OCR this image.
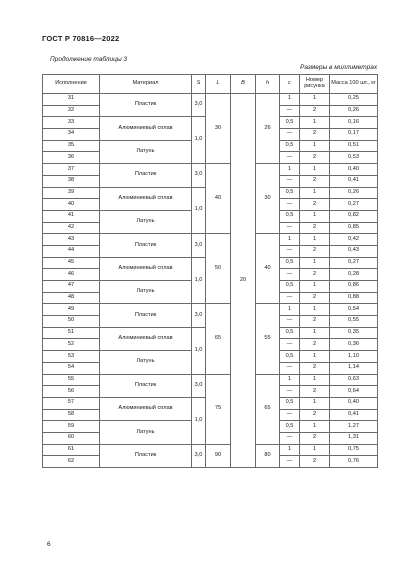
ГОСТ Р 70816—2022
Продолжение таблицы 3
Размеры в миллиметрах
Исполнение	Материал	S	L	B	h	c	Номер рисунка	Масса 100 шт., кг
31	Пластик	3,0	30	20	26	1	1	0,25
32						—	2	0,26
33	Алюминиевый сплав	1,0				0,5	1	0,16
34						—	2	0,17
35	Латунь					0,5	1	0,51
36						—	2	0,53
37	Пластик	3,0	40		30	1	1	0,40
38						—	2	0,41
39	Алюминиевый сплав	1,0				0,5	1	0,26
40						—	2	0,27
41	Латунь					0,5	1	0,82
42						—	2	0,85
43	Пластик	3,0	50		40	1	1	0,42
44						—	2	0,43
45	Алюминиевый сплав	1,0				0,5	1	0,27
46						—	2	0,28
47	Латунь					0,5	1	0,86
48						—	2	0,88
49	Пластик	3,0	65		55	1	1	0,54
50						—	2	0,55
51	Алюминиевый сплав	1,0				0,5	1	0,35
52						—	2	0,36
53	Латунь					0,5	1	1,10
54						—	2	1,14
55	Пластик	3,0	75		65	1	1	0,63
56						—	2	0,64
57	Алюминиевый сплав	1,0				0,5	1	0,40
58						—	2	0,41
59	Латунь					0,5	1	1,27
60						—	2	1,31
61	Пластик	3,0	90		80	1	1	0,75
62						—	2	0,76
6
